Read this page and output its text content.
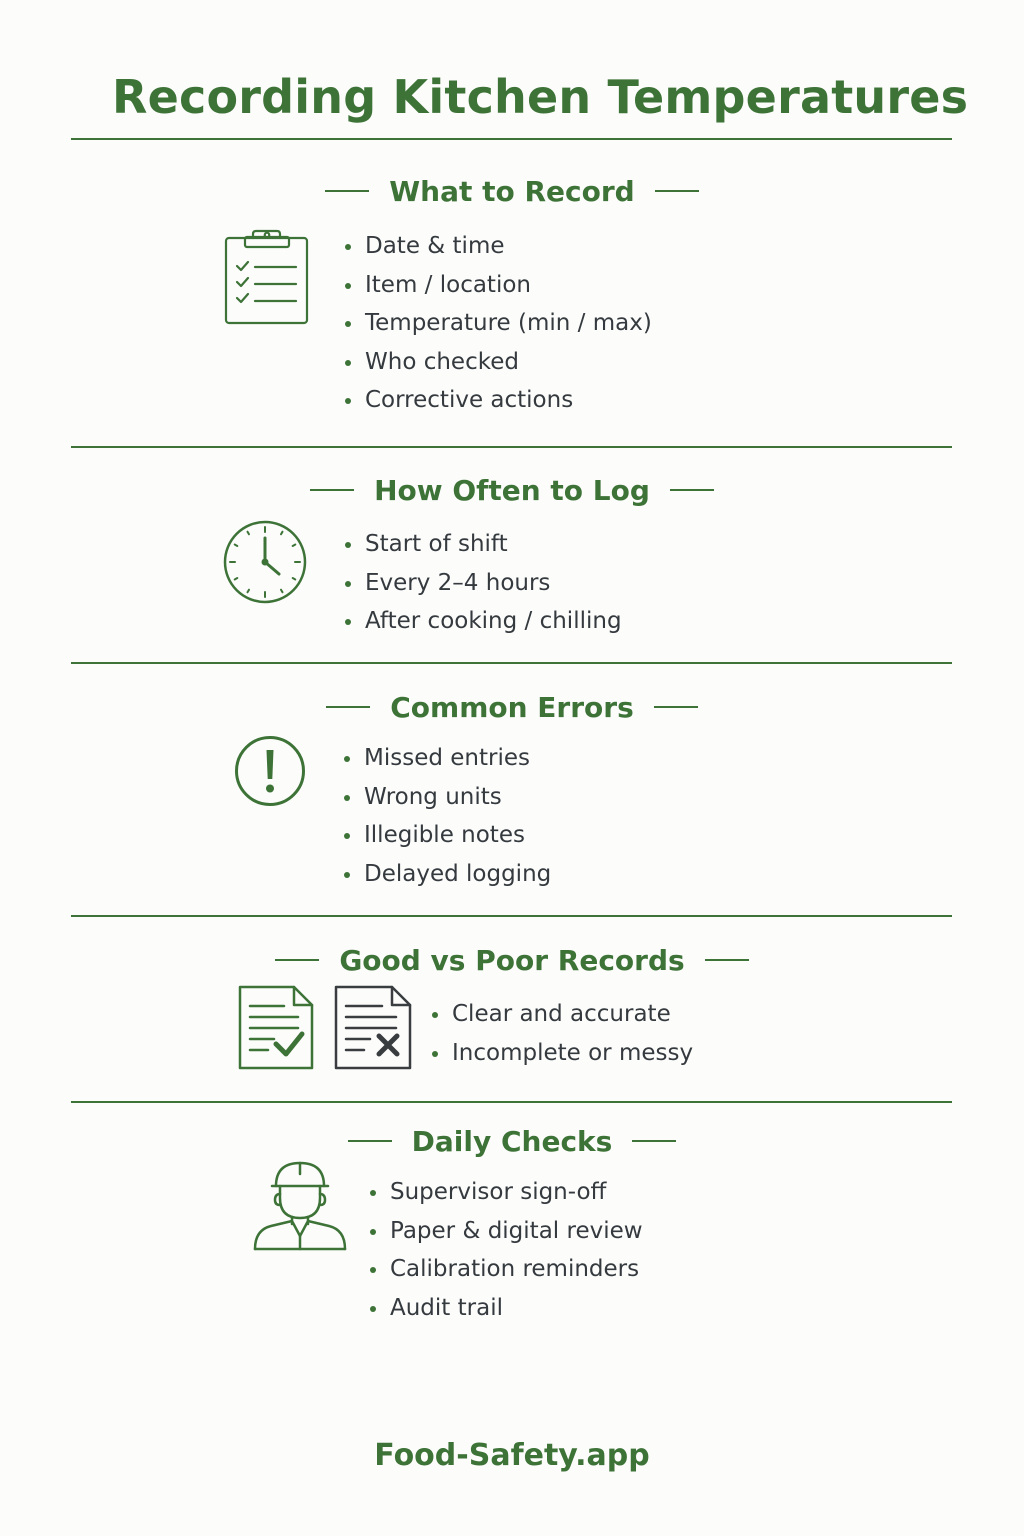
Recording Kitchen Temperatures
What to Record
Date & time
Item / location
Temperature (min / max)
Who checked
Corrective actions
How Often to Log
Start of shift
Every 2–4 hours
After cooking / chilling
Common Errors
Missed entries
Wrong units
Illegible notes
Delayed logging
Good vs Poor Records
Clear and accurate
Incomplete or messy
Daily Checks
Supervisor sign-off
Paper & digital review
Calibration reminders
Audit trail
Food-Safety.app
